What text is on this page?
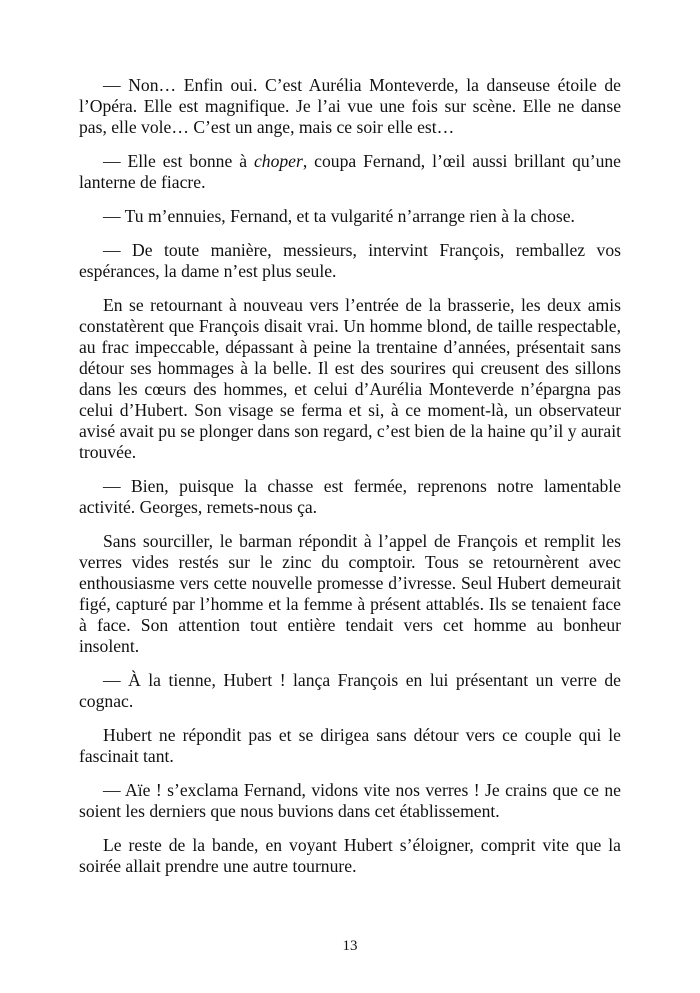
— Non… Enfin oui. C’est Aurélia Monteverde, la danseuse étoile de l’Opéra. Elle est magnifique. Je l’ai vue une fois sur scène. Elle ne danse pas, elle vole… C’est un ange, mais ce soir elle est…

— Elle est bonne à choper, coupa Fernand, l’œil aussi brillant qu’une lanterne de fiacre.

— Tu m’ennuies, Fernand, et ta vulgarité n’arrange rien à la chose.

— De toute manière, messieurs, intervint François, remballez vos espérances, la dame n’est plus seule.

En se retournant à nouveau vers l’entrée de la brasserie, les deux amis constatèrent que François disait vrai. Un homme blond, de taille respectable, au frac impeccable, dépassant à peine la trentaine d’années, présentait sans détour ses hommages à la belle. Il est des sourires qui creusent des sillons dans les cœurs des hommes, et celui d’Aurélia Monteverde n’épargna pas celui d’Hubert. Son visage se ferma et si, à ce moment-là, un observateur avisé avait pu se plonger dans son regard, c’est bien de la haine qu’il y aurait trouvée.

— Bien, puisque la chasse est fermée, reprenons notre lamentable activité. Georges, remets-nous ça.

Sans sourciller, le barman répondit à l’appel de François et remplit les verres vides restés sur le zinc du comptoir. Tous se retournèrent avec enthousiasme vers cette nouvelle promesse d’ivresse. Seul Hubert demeurait figé, capturé par l’homme et la femme à présent attablés. Ils se tenaient face à face. Son attention tout entière tendait vers cet homme au bonheur insolent.

— À la tienne, Hubert ! lança François en lui présentant un verre de cognac.

Hubert ne répondit pas et se dirigea sans détour vers ce couple qui le fascinait tant.

— Aïe ! s’exclama Fernand, vidons vite nos verres ! Je crains que ce ne soient les derniers que nous buvions dans cet établissement.

Le reste de la bande, en voyant Hubert s’éloigner, comprit vite que la soirée allait prendre une autre tournure.

13
